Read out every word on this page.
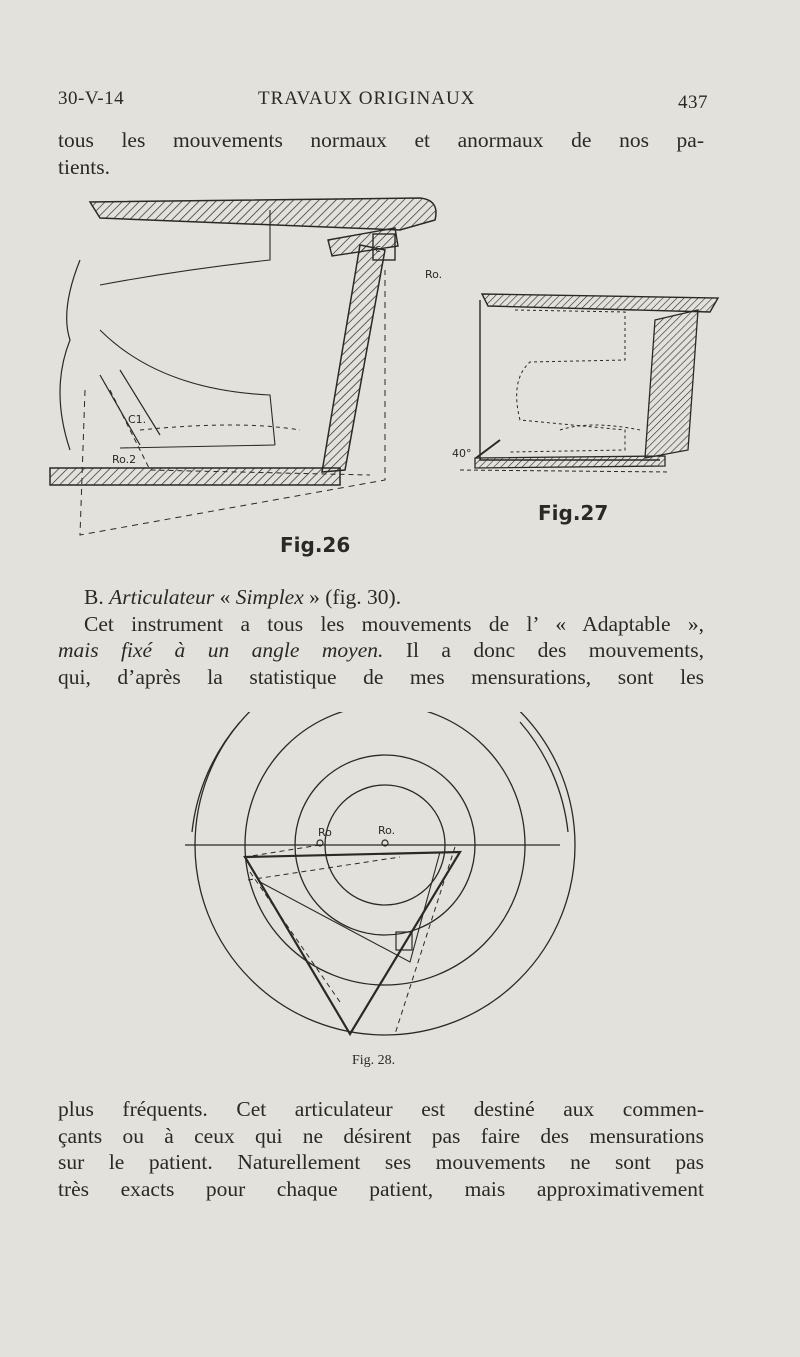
30-V-14	TRAVAUX ORIGINAUX	437
tous les mouvements normaux et anormaux de nos pa-
tients.
c
Ro.
C1.
Ro.2
Fig.26
40°
Fig.27
B. Articulateur « Simplex » (fig. 30).
Cet instrument a tous les mouvements de l’ « Adaptable »,
mais fixé à un angle moyen. Il a donc des mouvements,
qui, d’après la statistique de mes mensurations, sont les
Ro	Ro.
Fig. 28.
plus fréquents. Cet articulateur est destiné aux commen-
çants ou à ceux qui ne désirent pas faire des mensurations
sur le patient. Naturellement ses mouvements ne sont pas
très exacts pour chaque patient, mais approximativement
